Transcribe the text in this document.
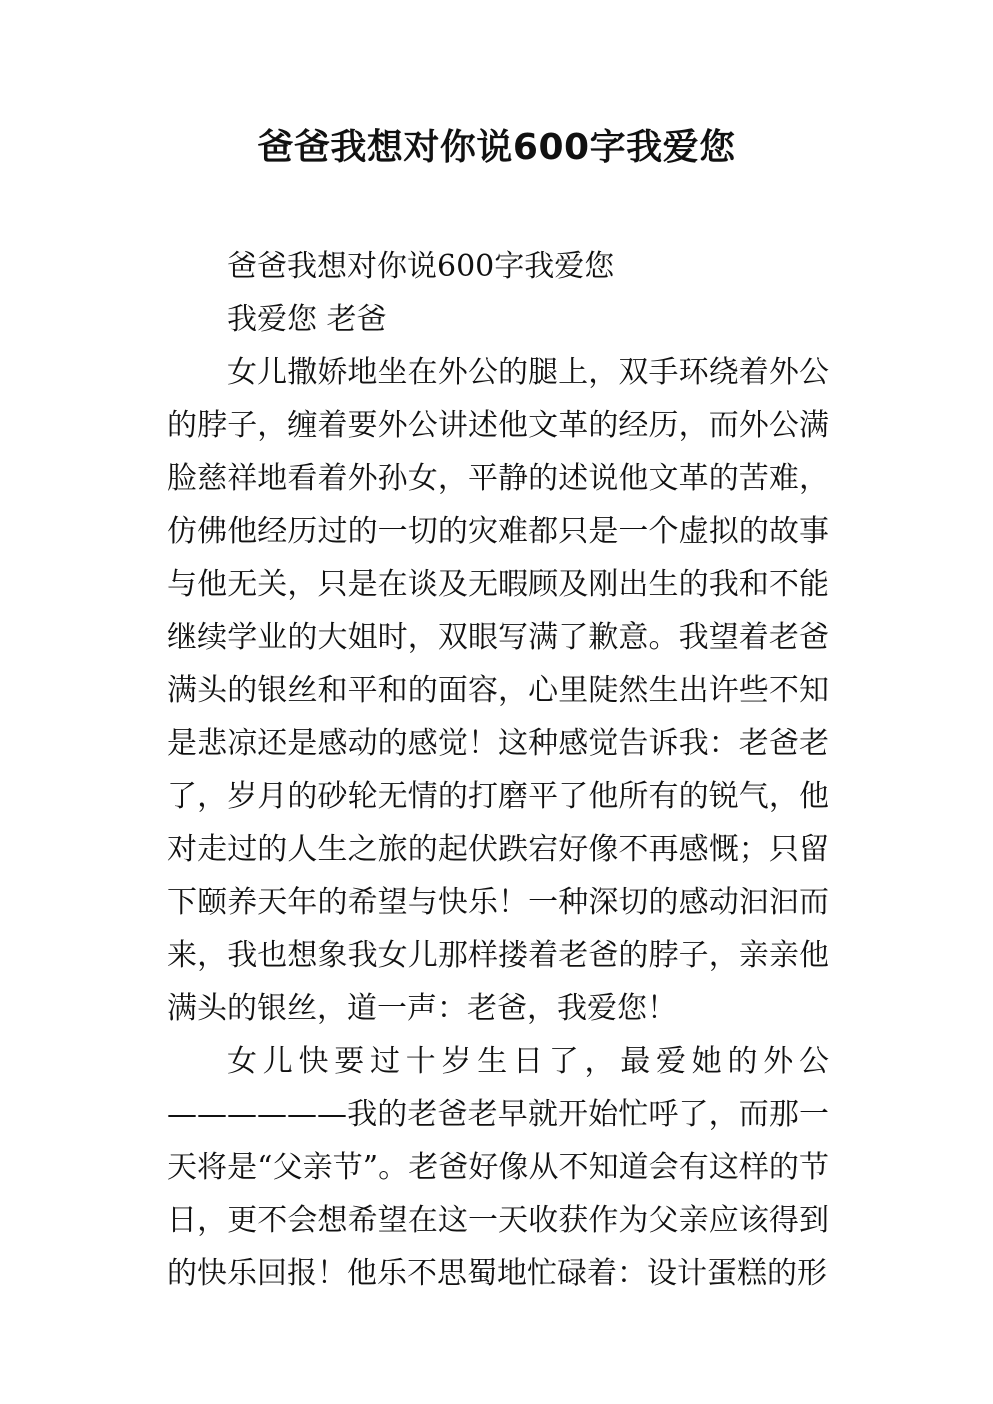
爸爸我想对你说600字我爱您

爸爸我想对你说600字我爱您

我爱您 老爸

女儿撒娇地坐在外公的腿上，双手环绕着外公的脖子，缠着要外公讲述他文革的经历，而外公满脸慈祥地看着外孙女，平静的述说他文革的苦难，仿佛他经历过的一切的灾难都只是一个虚拟的故事与他无关，只是在谈及无暇顾及刚出生的我和不能继续学业的大姐时，双眼写满了歉意。我望着老爸满头的银丝和平和的面容，心里陡然生出许些不知是悲凉还是感动的感觉！这种感觉告诉我：老爸老了，岁月的砂轮无情的打磨平了他所有的锐气，他对走过的人生之旅的起伏跌宕好像不再感慨；只留下颐养天年的希望与快乐！一种深切的感动汩汩而来，我也想象我女儿那样搂着老爸的脖子，亲亲他满头的银丝，道一声：老爸，我爱您！

女儿快要过十岁生日了，最爱她的外公——————我的老爸老早就开始忙呼了，而那一天将是“父亲节”。老爸好像从不知道会有这样的节日，更不会想希望在这一天收获作为父亲应该得到的快乐回报！他乐不思蜀地忙碌着：设计蛋糕的形
